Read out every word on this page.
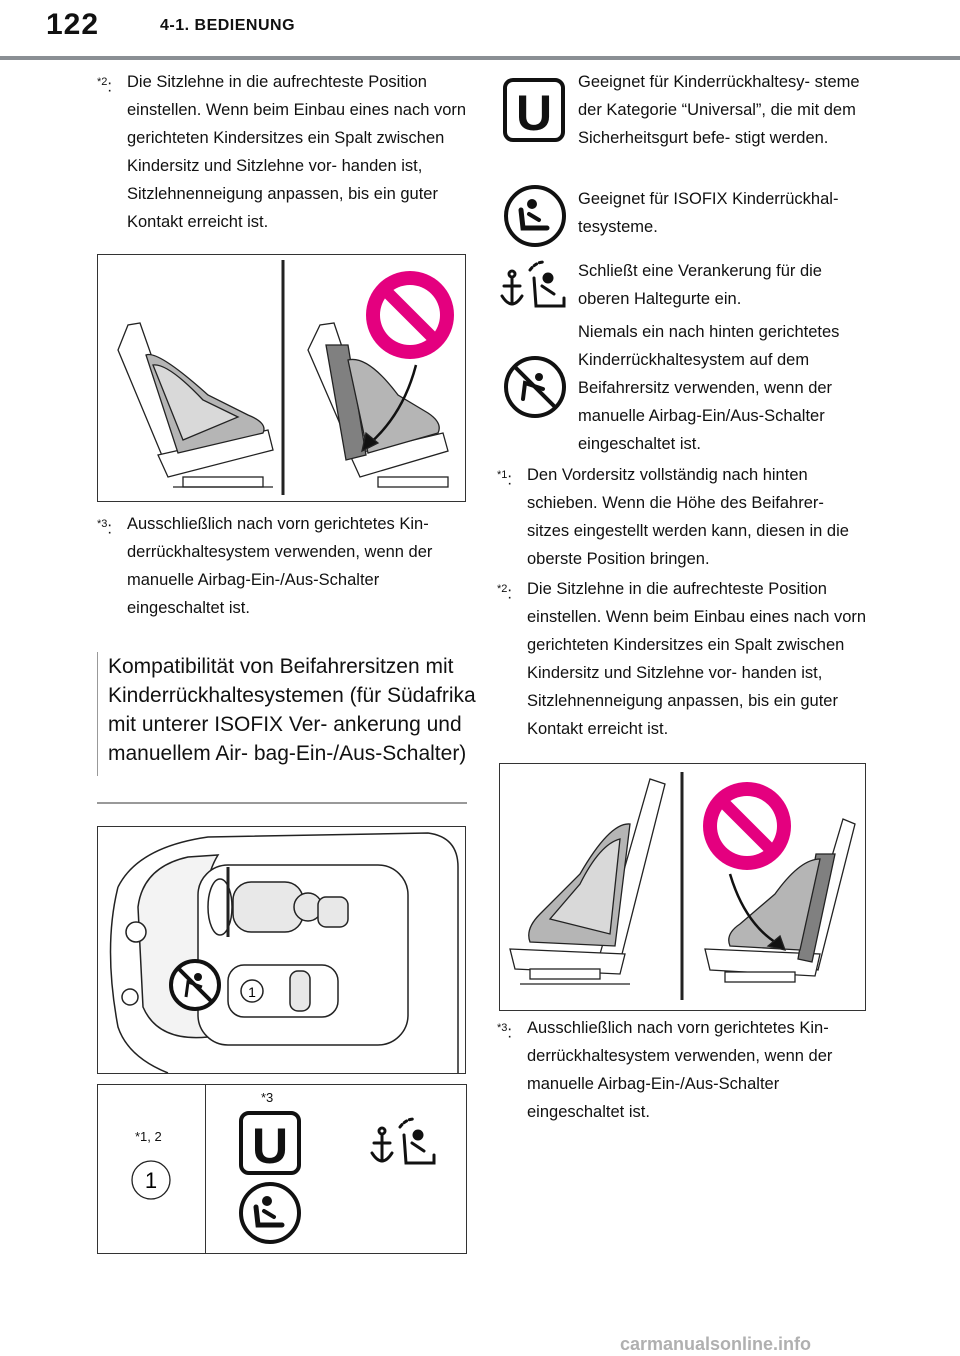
122	4-1. BEDIENUNG
$^{*2}$: Die Sitzlehne in die aufrechteste Position einstellen. Wenn beim Einbau eines nach vorn gerichteten Kindersitzes ein Spalt zwischen Kindersitz und Sitzlehne vor- handen ist, Sitzlehnenneigung anpassen, bis ein guter Kontakt erreicht ist.
$^{*3}$: Ausschließlich nach vorn gerichtetes Kin- derrückhaltesystem verwenden, wenn der manuelle Airbag-Ein-/Aus-Schalter eingeschaltet ist.
Kompatibilität von Beifahrersitzen mit Kinderrückhaltesystemen (für Südafrika mit unterer ISOFIX Ver- ankerung und manuellem Air- bag-Ein-/Aus-Schalter)
1
*1, 2
*3
1
U
U
Geeignet für Kinderrückhaltesy- steme der Kategorie “Universal”, die mit dem Sicherheitsgurt befe- stigt werden.
Geeignet für ISOFIX Kinderrückhal- tesysteme.
Schließt eine Verankerung für die oberen Haltegurte ein.
Niemals ein nach hinten gerichtetes Kinderrückhaltesystem auf dem Beifahrersitz verwenden, wenn der manuelle Airbag-Ein/Aus-Schalter eingeschaltet ist.
$^{*1}$: Den Vordersitz vollständig nach hinten schieben. Wenn die Höhe des Beifahrer- sitzes eingestellt werden kann, diesen in die oberste Position bringen.
$^{*2}$: Die Sitzlehne in die aufrechteste Position einstellen. Wenn beim Einbau eines nach vorn gerichteten Kindersitzes ein Spalt zwischen Kindersitz und Sitzlehne vor- handen ist, Sitzlehnenneigung anpassen, bis ein guter Kontakt erreicht ist.
$^{*3}$: Ausschließlich nach vorn gerichtetes Kin- derrückhaltesystem verwenden, wenn der manuelle Airbag-Ein-/Aus-Schalter eingeschaltet ist.
carmanualsonline.info
